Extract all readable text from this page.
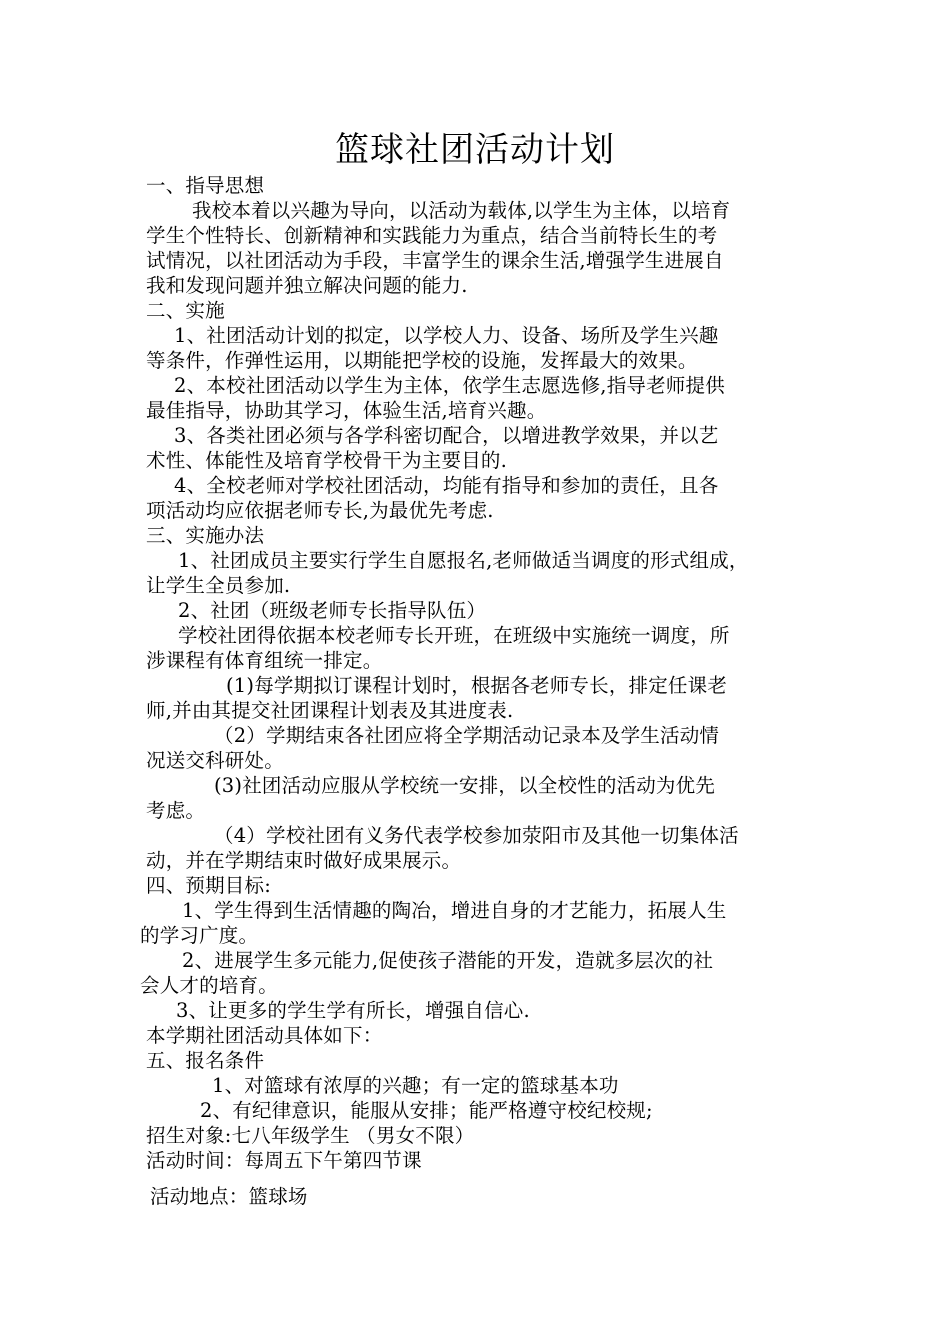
篮球社团活动计划
一、指导思想
我校本着以兴趣为导向，以活动为载体,以学生为主体，以培育
学生个性特长、创新精神和实践能力为重点，结合当前特长生的考
试情况，以社团活动为手段，丰富学生的课余生活,增强学生进展自
我和发现问题并独立解决问题的能力.
二、实施
1、社团活动计划的拟定，以学校人力、设备、场所及学生兴趣
等条件，作弹性运用，以期能把学校的设施，发挥最大的效果。
2、本校社团活动以学生为主体，依学生志愿选修,指导老师提供
最佳指导，协助其学习，体验生活,培育兴趣。
3、各类社团必须与各学科密切配合，以增进教学效果，并以艺
术性、体能性及培育学校骨干为主要目的.
4、全校老师对学校社团活动，均能有指导和参加的责任，且各
项活动均应依据老师专长,为最优先考虑.
三、实施办法
1、社团成员主要实行学生自愿报名,老师做适当调度的形式组成，
让学生全员参加.
2、社团（班级老师专长指导队伍）
学校社团得依据本校老师专长开班，在班级中实施统一调度，所
涉课程有体育组统一排定。
(1)每学期拟订课程计划时，根据各老师专长，排定任课老
师,并由其提交社团课程计划表及其进度表.
（2）学期结束各社团应将全学期活动记录本及学生活动情
况送交科研处。
(3)社团活动应服从学校统一安排，以全校性的活动为优先
考虑。
（4）学校社团有义务代表学校参加荥阳市及其他一切集体活
动，并在学期结束时做好成果展示。
四、预期目标:
1、学生得到生活情趣的陶冶，增进自身的才艺能力，拓展人生
的学习广度。
2、进展学生多元能力,促使孩子潜能的开发，造就多层次的社
会人才的培育。
3、让更多的学生学有所长，增强自信心.
本学期社团活动具体如下：
五、报名条件
1、对篮球有浓厚的兴趣；有一定的篮球基本功
2、有纪律意识，能服从安排；能严格遵守校纪校规;
招生对象:七八年级学生 （男女不限）
活动时间：每周五下午第四节课
活动地点：篮球场
